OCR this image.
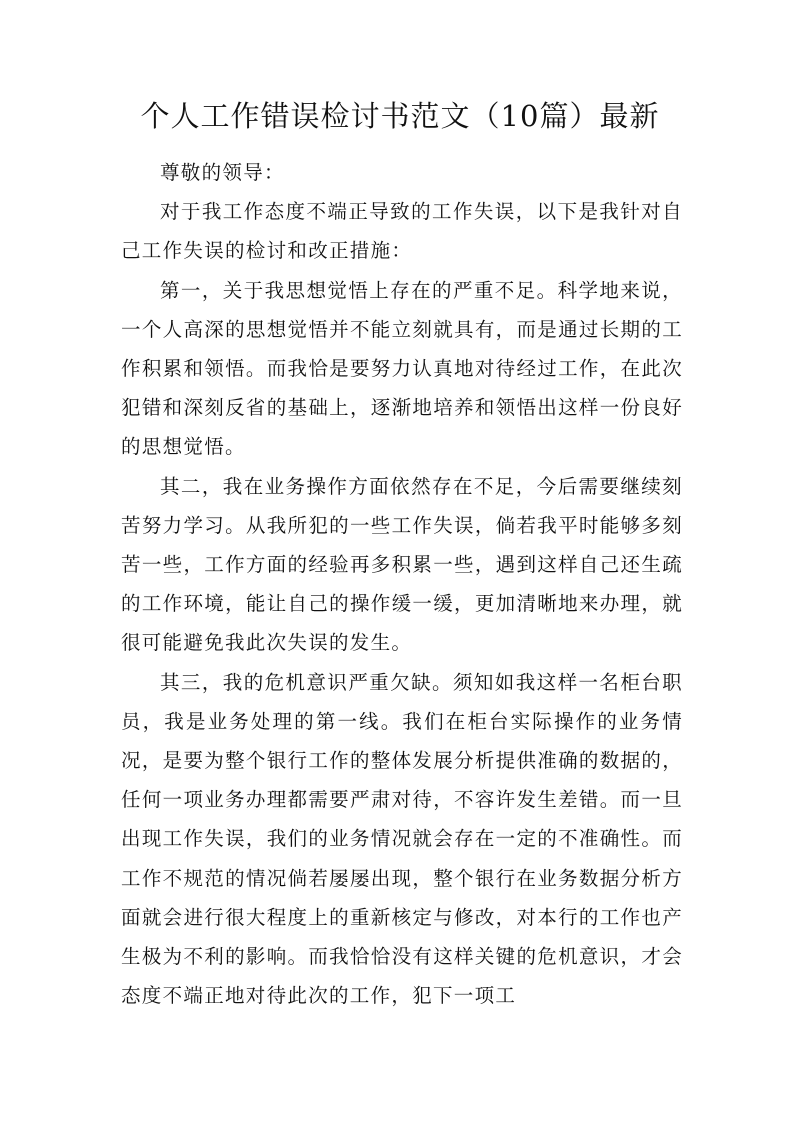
个人工作错误检讨书范文（10篇）最新

尊敬的领导：

对于我工作态度不端正导致的工作失误，以下是我针对自己工作失误的检讨和改正措施：

第一，关于我思想觉悟上存在的严重不足。科学地来说，一个人高深的思想觉悟并不能立刻就具有，而是通过长期的工作积累和领悟。而我恰是要努力认真地对待经过工作，在此次犯错和深刻反省的基础上，逐渐地培养和领悟出这样一份良好的思想觉悟。

其二，我在业务操作方面依然存在不足，今后需要继续刻苦努力学习。从我所犯的一些工作失误，倘若我平时能够多刻苦一些，工作方面的经验再多积累一些，遇到这样自己还生疏的工作环境，能让自己的操作缓一缓，更加清晰地来办理，就很可能避免我此次失误的发生。

其三，我的危机意识严重欠缺。须知如我这样一名柜台职员，我是业务处理的第一线。我们在柜台实际操作的业务情况，是要为整个银行工作的整体发展分析提供准确的数据的，任何一项业务办理都需要严肃对待，不容许发生差错。而一旦出现工作失误，我们的业务情况就会存在一定的不准确性。而工作不规范的情况倘若屡屡出现，整个银行在业务数据分析方面就会进行很大程度上的重新核定与修改，对本行的工作也产生极为不利的影响。而我恰恰没有这样关键的危机意识，才会态度不端正地对待此次的工作，犯下一项工
